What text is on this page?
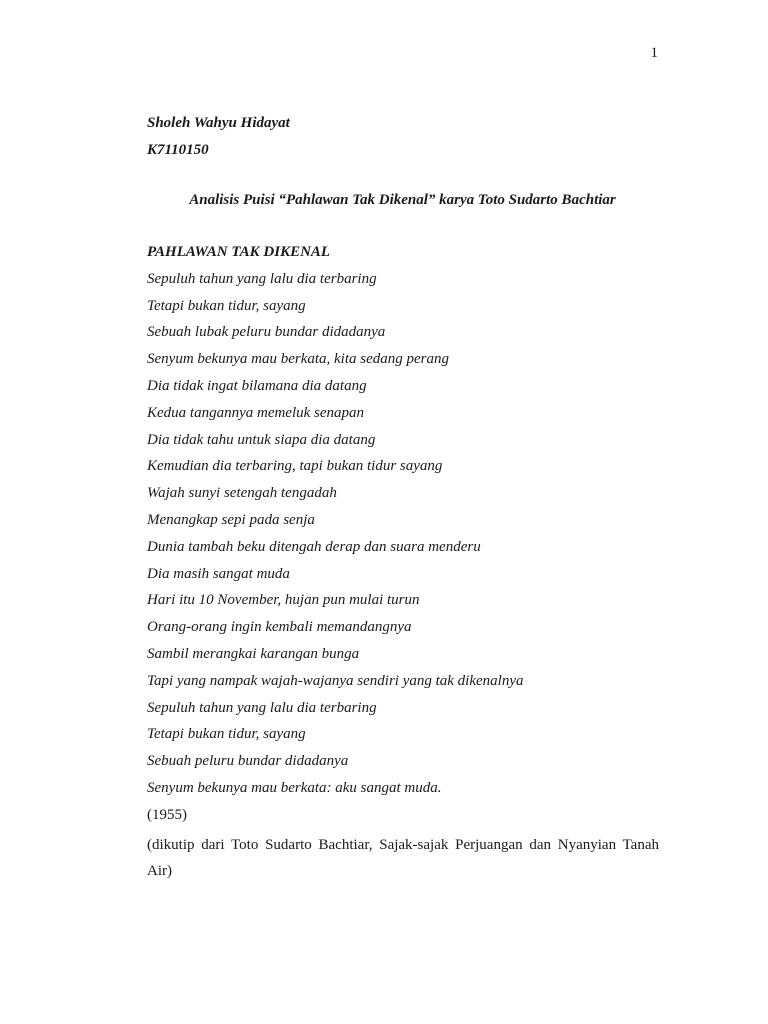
1
Sholeh Wahyu Hidayat
K7110150
Analisis Puisi “Pahlawan Tak Dikenal” karya Toto Sudarto Bachtiar
PAHLAWAN TAK DIKENAL
Sepuluh tahun yang lalu dia terbaring
Tetapi bukan tidur, sayang
Sebuah lubak peluru bundar didadanya
Senyum bekunya mau berkata, kita sedang perang
Dia tidak ingat bilamana dia datang
Kedua tangannya memeluk senapan
Dia tidak tahu untuk siapa dia datang
Kemudian dia terbaring, tapi bukan tidur sayang
Wajah sunyi setengah tengadah
Menangkap sepi pada senja
Dunia tambah beku ditengah derap dan suara menderu
Dia masih sangat muda
Hari itu 10 November, hujan pun mulai turun
Orang-orang ingin kembali memandangnya
Sambil merangkai karangan bunga
Tapi yang nampak wajah-wajanya sendiri yang tak dikenalnya
Sepuluh tahun yang lalu dia terbaring
Tetapi bukan tidur, sayang
Sebuah peluru bundar didadanya
Senyum bekunya mau berkata: aku sangat muda.
(1955)
(dikutip dari Toto Sudarto Bachtiar, Sajak-sajak Perjuangan dan Nyanyian Tanah Air)
